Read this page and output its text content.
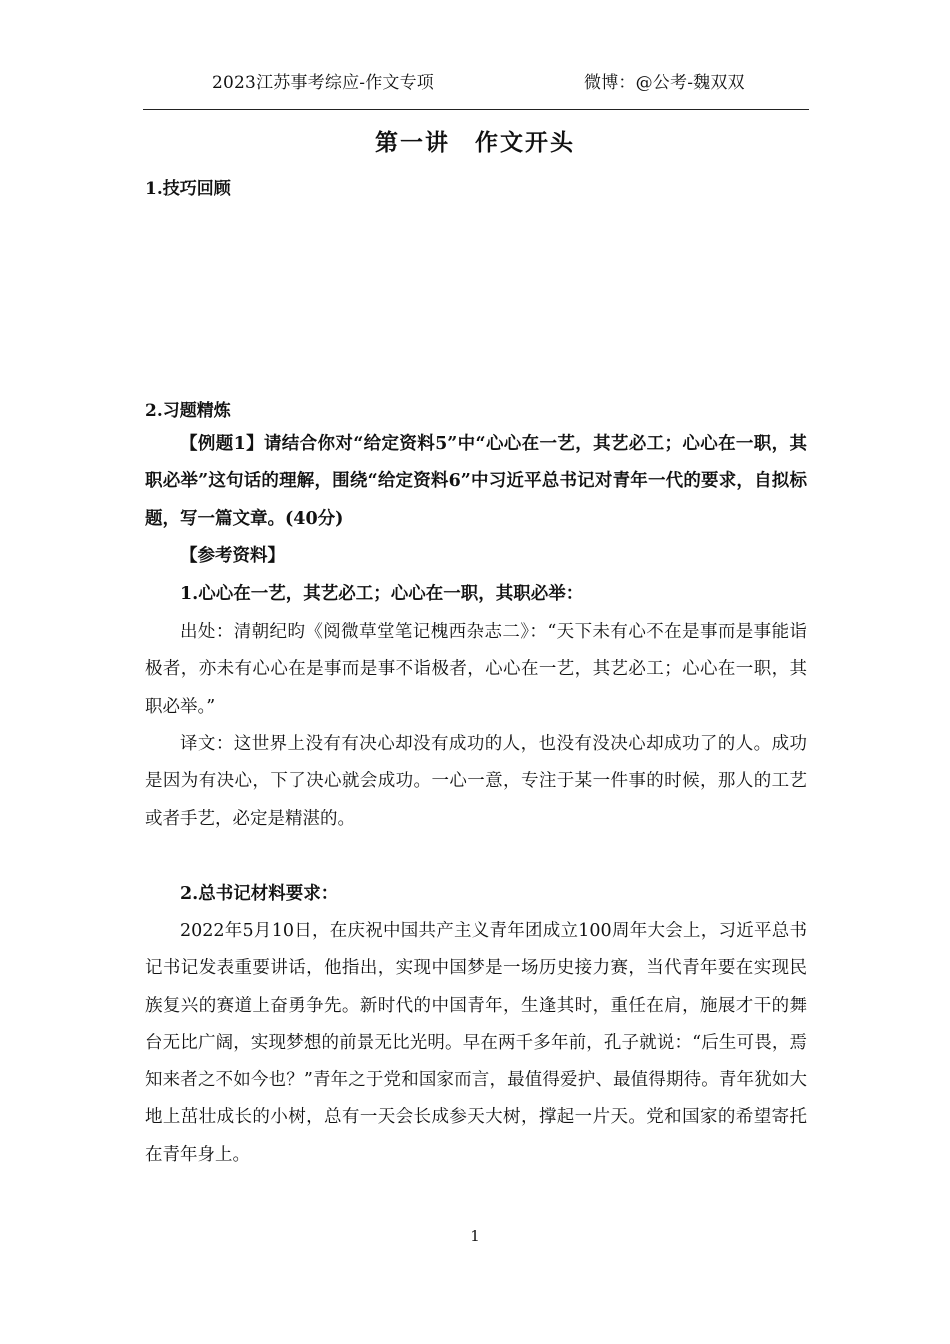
2023江苏事考综应-作文专项	微博：@公考-魏双双
第一讲　作文开头
1.技巧回顾
2.习题精炼

【例题1】请结合你对“给定资料5”中“心心在一艺，其艺必工；心心在一职，其职必举”这句话的理解，围绕“给定资料6”中习近平总书记对青年一代的要求，自拟标题，写一篇文章。(40分)

【参考资料】

1.心心在一艺，其艺必工；心心在一职，其职必举：

出处：清朝纪昀《阅微草堂笔记槐西杂志二》：“天下未有心不在是事而是事能诣极者，亦未有心心在是事而是事不诣极者，心心在一艺，其艺必工；心心在一职，其职必举。”

译文：这世界上没有有决心却没有成功的人，也没有没决心却成功了的人。成功是因为有决心，下了决心就会成功。一心一意，专注于某一件事的时候，那人的工艺或者手艺，必定是精湛的。

2.总书记材料要求：

2022年5月10日，在庆祝中国共产主义青年团成立100周年大会上，习近平总书记书记发表重要讲话，他指出，实现中国梦是一场历史接力赛，当代青年要在实现民族复兴的赛道上奋勇争先。新时代的中国青年，生逢其时，重任在肩，施展才干的舞台无比广阔，实现梦想的前景无比光明。早在两千多年前，孔子就说：“后生可畏，焉知来者之不如今也？”青年之于党和国家而言，最值得爱护、最值得期待。青年犹如大地上茁壮成长的小树，总有一天会长成参天大树，撑起一片天。党和国家的希望寄托在青年身上。

1
